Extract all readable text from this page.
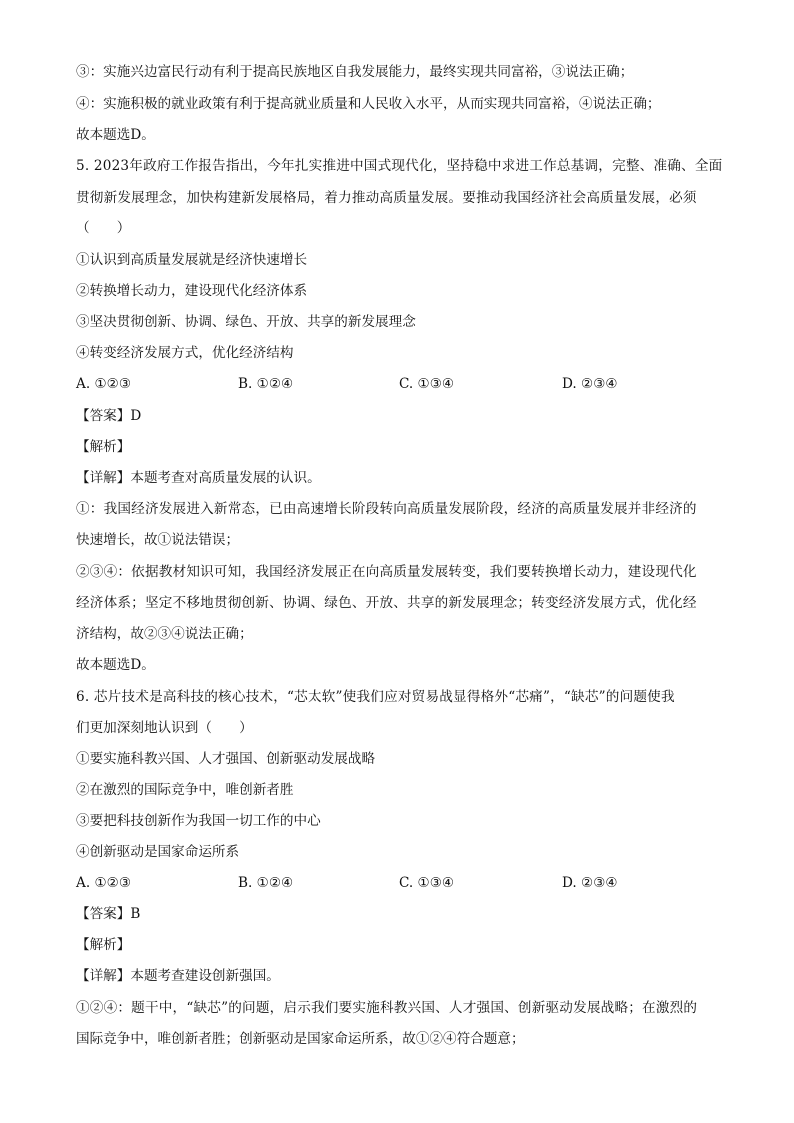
③：实施兴边富民行动有利于提高民族地区自我发展能力，最终实现共同富裕，③说法正确；
④：实施积极的就业政策有利于提高就业质量和人民收入水平，从而实现共同富裕，④说法正确；
故本题选D。
5. 2023年政府工作报告指出，今年扎实推进中国式现代化，坚持稳中求进工作总基调，完整、准确、全面
贯彻新发展理念，加快构建新发展格局，着力推动高质量发展。要推动我国经济社会高质量发展，必须
（　　）
①认识到高质量发展就是经济快速增长
②转换增长动力，建设现代化经济体系
③坚决贯彻创新、协调、绿色、开放、共享的新发展理念
④转变经济发展方式，优化经济结构
A. ①②③	B. ①②④	C. ①③④	D. ②③④
【答案】D
【解析】
【详解】本题考查对高质量发展的认识。
①：我国经济发展进入新常态，已由高速增长阶段转向高质量发展阶段，经济的高质量发展并非经济的
快速增长，故①说法错误；
②③④：依据教材知识可知，我国经济发展正在向高质量发展转变，我们要转换增长动力，建设现代化
经济体系；坚定不移地贯彻创新、协调、绿色、开放、共享的新发展理念；转变经济发展方式，优化经
济结构，故②③④说法正确；
故本题选D。
6. 芯片技术是高科技的核心技术，“芯太软”使我们应对贸易战显得格外“芯痛”，“缺芯”的问题使我
们更加深刻地认识到（　　）
①要实施科教兴国、人才强国、创新驱动发展战略
②在激烈的国际竞争中，唯创新者胜
③要把科技创新作为我国一切工作的中心
④创新驱动是国家命运所系
A. ①②③	B. ①②④	C. ①③④	D. ②③④
【答案】B
【解析】
【详解】本题考查建设创新强国。
①②④：题干中，“缺芯”的问题，启示我们要实施科教兴国、人才强国、创新驱动发展战略；在激烈的
国际竞争中，唯创新者胜；创新驱动是国家命运所系，故①②④符合题意；
